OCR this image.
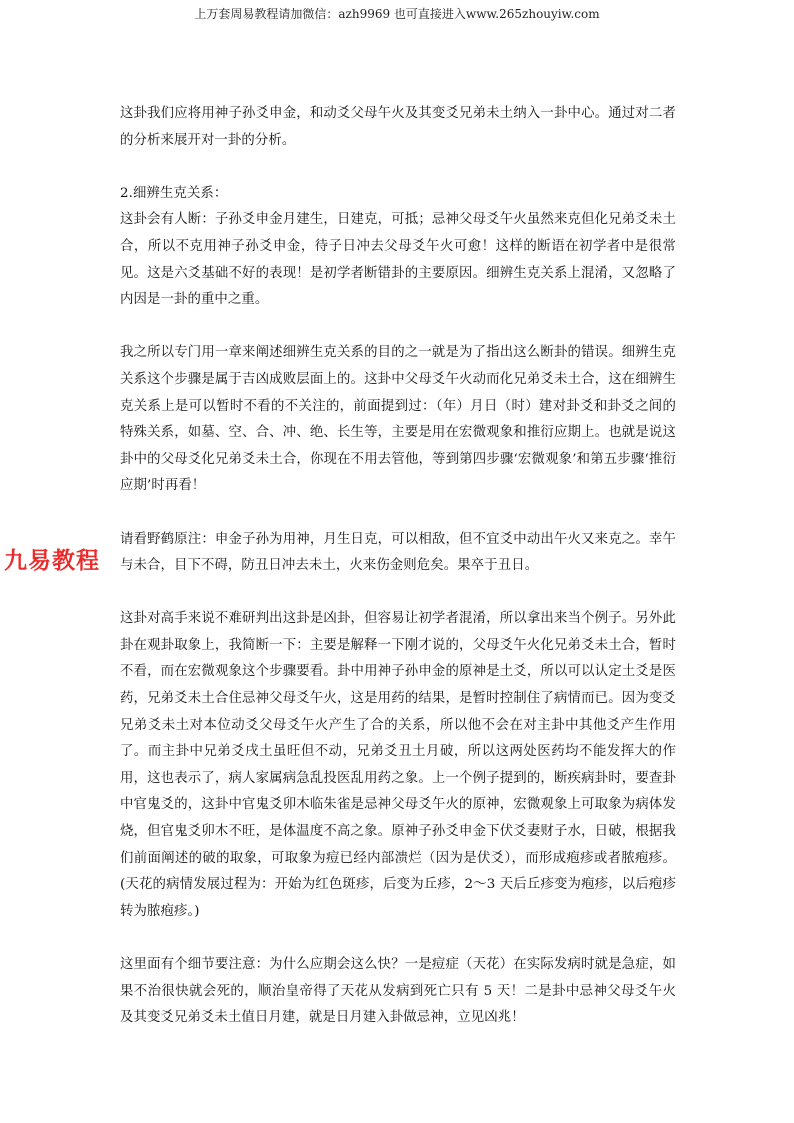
上万套周易教程请加微信：azh9969 也可直接进入www.265zhouyiw.com
九易教程

这卦我们应将用神子孙爻申金，和动爻父母午火及其变爻兄弟未土纳入一卦中心。通过对二者的分析来展开对一卦的分析。

2.细辨生克关系：

这卦会有人断：子孙爻申金月建生，日建克，可抵；忌神父母爻午火虽然来克但化兄弟爻未土合，所以不克用神子孙爻申金，待子日冲去父母爻午火可愈！这样的断语在初学者中是很常见。这是六爻基础不好的表现！是初学者断错卦的主要原因。细辨生克关系上混淆，又忽略了内因是一卦的重中之重。

我之所以专门用一章来阐述细辨生克关系的目的之一就是为了指出这么断卦的错误。细辨生克关系这个步骤是属于吉凶成败层面上的。这卦中父母爻午火动而化兄弟爻未土合，这在细辨生克关系上是可以暂时不看的不关注的，前面提到过：（年）月日（时）建对卦爻和卦爻之间的特殊关系，如墓、空、合、冲、绝、长生等，主要是用在宏微观象和推衍应期上。也就是说这卦中的父母爻化兄弟爻未土合，你现在不用去管他，等到第四步骤‘宏微观象’和第五步骤‘推衍应期’时再看！

请看野鹤原注：申金子孙为用神，月生日克，可以相敌，但不宜爻中动出午火又来克之。幸午与未合，目下不碍，防丑日冲去未土，火来伤金则危矣。果卒于丑日。

这卦对高手来说不难研判出这卦是凶卦，但容易让初学者混淆，所以拿出来当个例子。另外此卦在观卦取象上，我简断一下：主要是解释一下刚才说的，父母爻午火化兄弟爻未土合，暂时不看，而在宏微观象这个步骤要看。卦中用神子孙申金的原神是土爻，所以可以认定土爻是医药，兄弟爻未土合住忌神父母爻午火，这是用药的结果，是暂时控制住了病情而已。因为变爻兄弟爻未土对本位动爻父母爻午火产生了合的关系，所以他不会在对主卦中其他爻产生作用了。而主卦中兄弟爻戌土虽旺但不动，兄弟爻丑土月破，所以这两处医药均不能发挥大的作用，这也表示了，病人家属病急乱投医乱用药之象。上一个例子提到的，断疾病卦时，要查卦中官鬼爻的，这卦中官鬼爻卯木临朱雀是忌神父母爻午火的原神，宏微观象上可取象为病体发烧，但官鬼爻卯木不旺，是体温度不高之象。原神子孙爻申金下伏爻妻财子水，日破，根据我们前面阐述的破的取象，可取象为痘已经内部溃烂（因为是伏爻），而形成疱疹或者脓疱疹。(天花的病情发展过程为：开始为红色斑疹，后变为丘疹，2～3 天后丘疹变为疱疹，以后疱疹转为脓疱疹。)

这里面有个细节要注意：为什么应期会这么快？一是痘症（天花）在实际发病时就是急症，如果不治很快就会死的，顺治皇帝得了天花从发病到死亡只有 5 天！二是卦中忌神父母爻午火及其变爻兄弟爻未土值日月建，就是日月建入卦做忌神，立见凶兆！
